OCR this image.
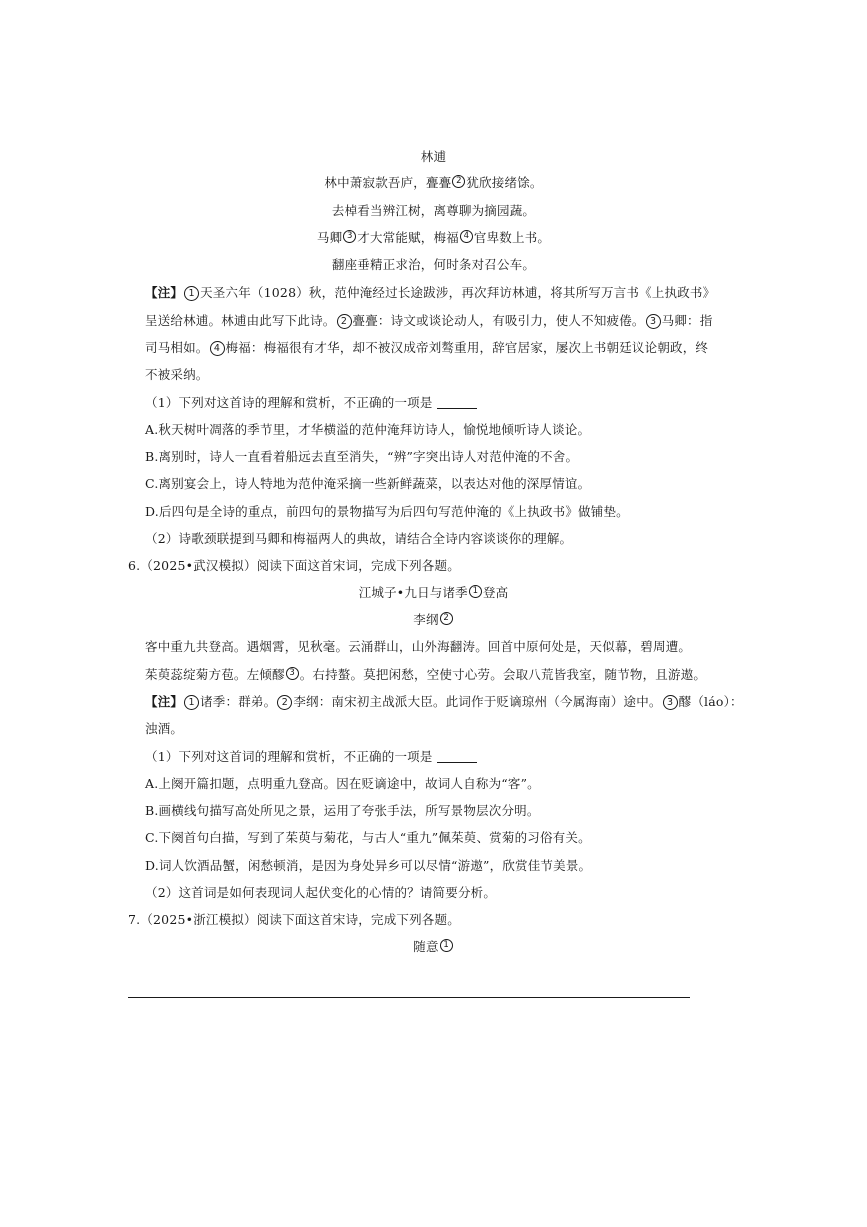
林逋
林中萧寂款吾庐，亹亹 2 犹欣接绪馀。
去棹看当辨江树，离尊聊为摘园蔬。
马卿 3 才大常能赋，梅福 4 官卑数上书。
翻座垂精正求治，何时条对召公车。
【注】 1 天圣六年（1028）秋，范仲淹经过长途跋涉，再次拜访林逋，将其所写万言书《上执政书》
呈送给林逋。林逋由此写下此诗。 2 亹亹：诗文或谈论动人，有吸引力，使人不知疲倦。 3 马卿：指
司马相如。 4 梅福：梅福很有才华，却不被汉成帝刘骜重用，辞官居家，屡次上书朝廷议论朝政，终
不被采纳。
（1）下列对这首诗的理解和赏析，不正确的一项是
A.秋天树叶凋落的季节里，才华横溢的范仲淹拜访诗人，愉悦地倾听诗人谈论。
B.离别时，诗人一直看着船远去直至消失，“辨”字突出诗人对范仲淹的不舍。
C.离别宴会上，诗人特地为范仲淹采摘一些新鲜蔬菜，以表达对他的深厚情谊。
D.后四句是全诗的重点，前四句的景物描写为后四句写范仲淹的《上执政书》做铺垫。
（2）诗歌颈联提到马卿和梅福两人的典故，请结合全诗内容谈谈你的理解。
6.（2025•武汉模拟）阅读下面这首宋词，完成下列各题。
江城子•九日与诸季 1 登高
李纲 2
客中重九共登高。遇烟霄，见秋毫。云涌群山，山外海翻涛。回首中原何处是，天似幕，碧周遭。
茱萸蕊绽菊方苞。左倾醪 3 。右持螯。莫把闲愁，空使寸心劳。会取八荒皆我室，随节物，且游遨。
【注】 1 诸季：群弟。 2 李纲：南宋初主战派大臣。此词作于贬谪琼州（今属海南）途中。 3 醪（láo）：
浊酒。
（1）下列对这首词的理解和赏析，不正确的一项是
A.上阕开篇扣题，点明重九登高。因在贬谪途中，故词人自称为“客”。
B.画横线句描写高处所见之景，运用了夸张手法，所写景物层次分明。
C.下阕首句白描，写到了茱萸与菊花，与古人“重九”佩茱萸、赏菊的习俗有关。
D.词人饮酒品蟹，闲愁顿消，是因为身处异乡可以尽情“游遨”，欣赏佳节美景。
（2）这首词是如何表现词人起伏变化的心情的？请简要分析。
7.（2025•浙江模拟）阅读下面这首宋诗，完成下列各题。
随意 1
